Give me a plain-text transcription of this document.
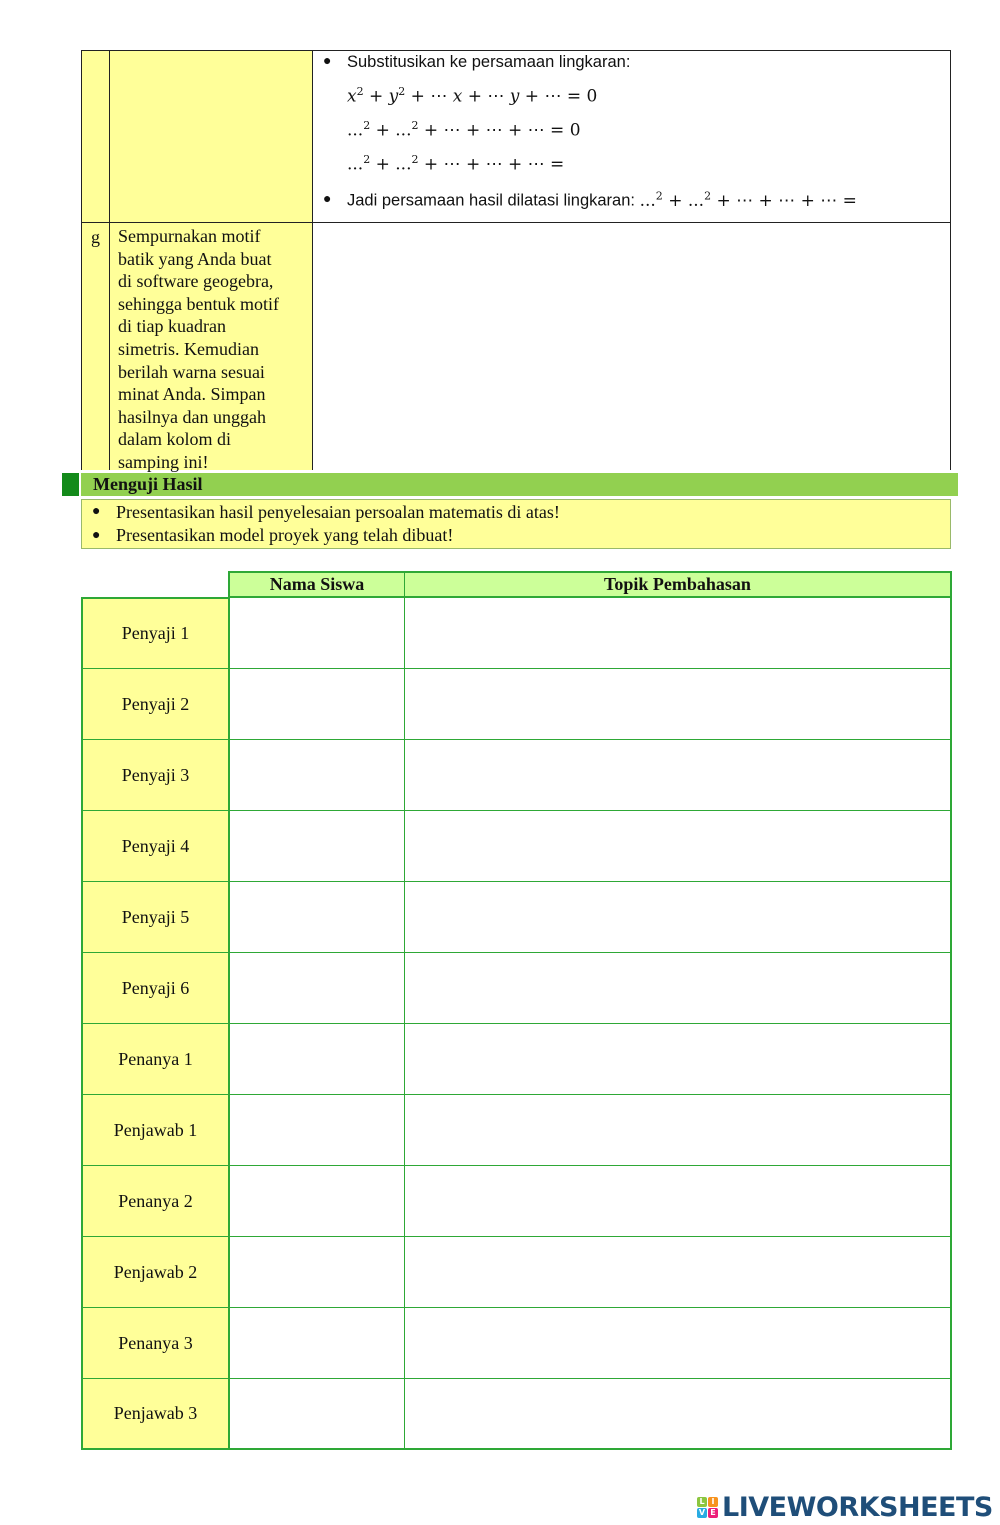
● Substitusikan ke persamaan lingkaran:
$x^2 + y^2$ + ⋯ x + ⋯ y + ⋯ = 0
...$^2$ + ...$^2$ + ⋯ + ⋯ + ⋯ = 0
...$^2$ + ...$^2$ + ⋯ + ⋯ + ⋯ =
● Jadi persamaan hasil dilatasi lingkaran: ...$^2$ + ...$^2$ + ⋯ + ⋯ + ⋯ =
g	Sempurnakan motif
batik yang Anda buat
di software geogebra,
sehingga bentuk motif
di tiap kuadran
simetris. Kemudian
berilah warna sesuai
minat Anda. Simpan
hasilnya dan unggah
dalam kolom di
samping ini!
Menguji Hasil
● Presentasikan hasil penyelesaian persoalan matematis di atas!
● Presentasikan model proyek yang telah dibuat!
Nama Siswa	Topik Pembahasan
Penyaji 1
Penyaji 2
Penyaji 3
Penyaji 4
Penyaji 5
Penyaji 6
Penanya 1
Penjawab 1
Penanya 2
Penjawab 2
Penanya 3
Penjawab 3
L I
V E LIVEWORKSHEETS
